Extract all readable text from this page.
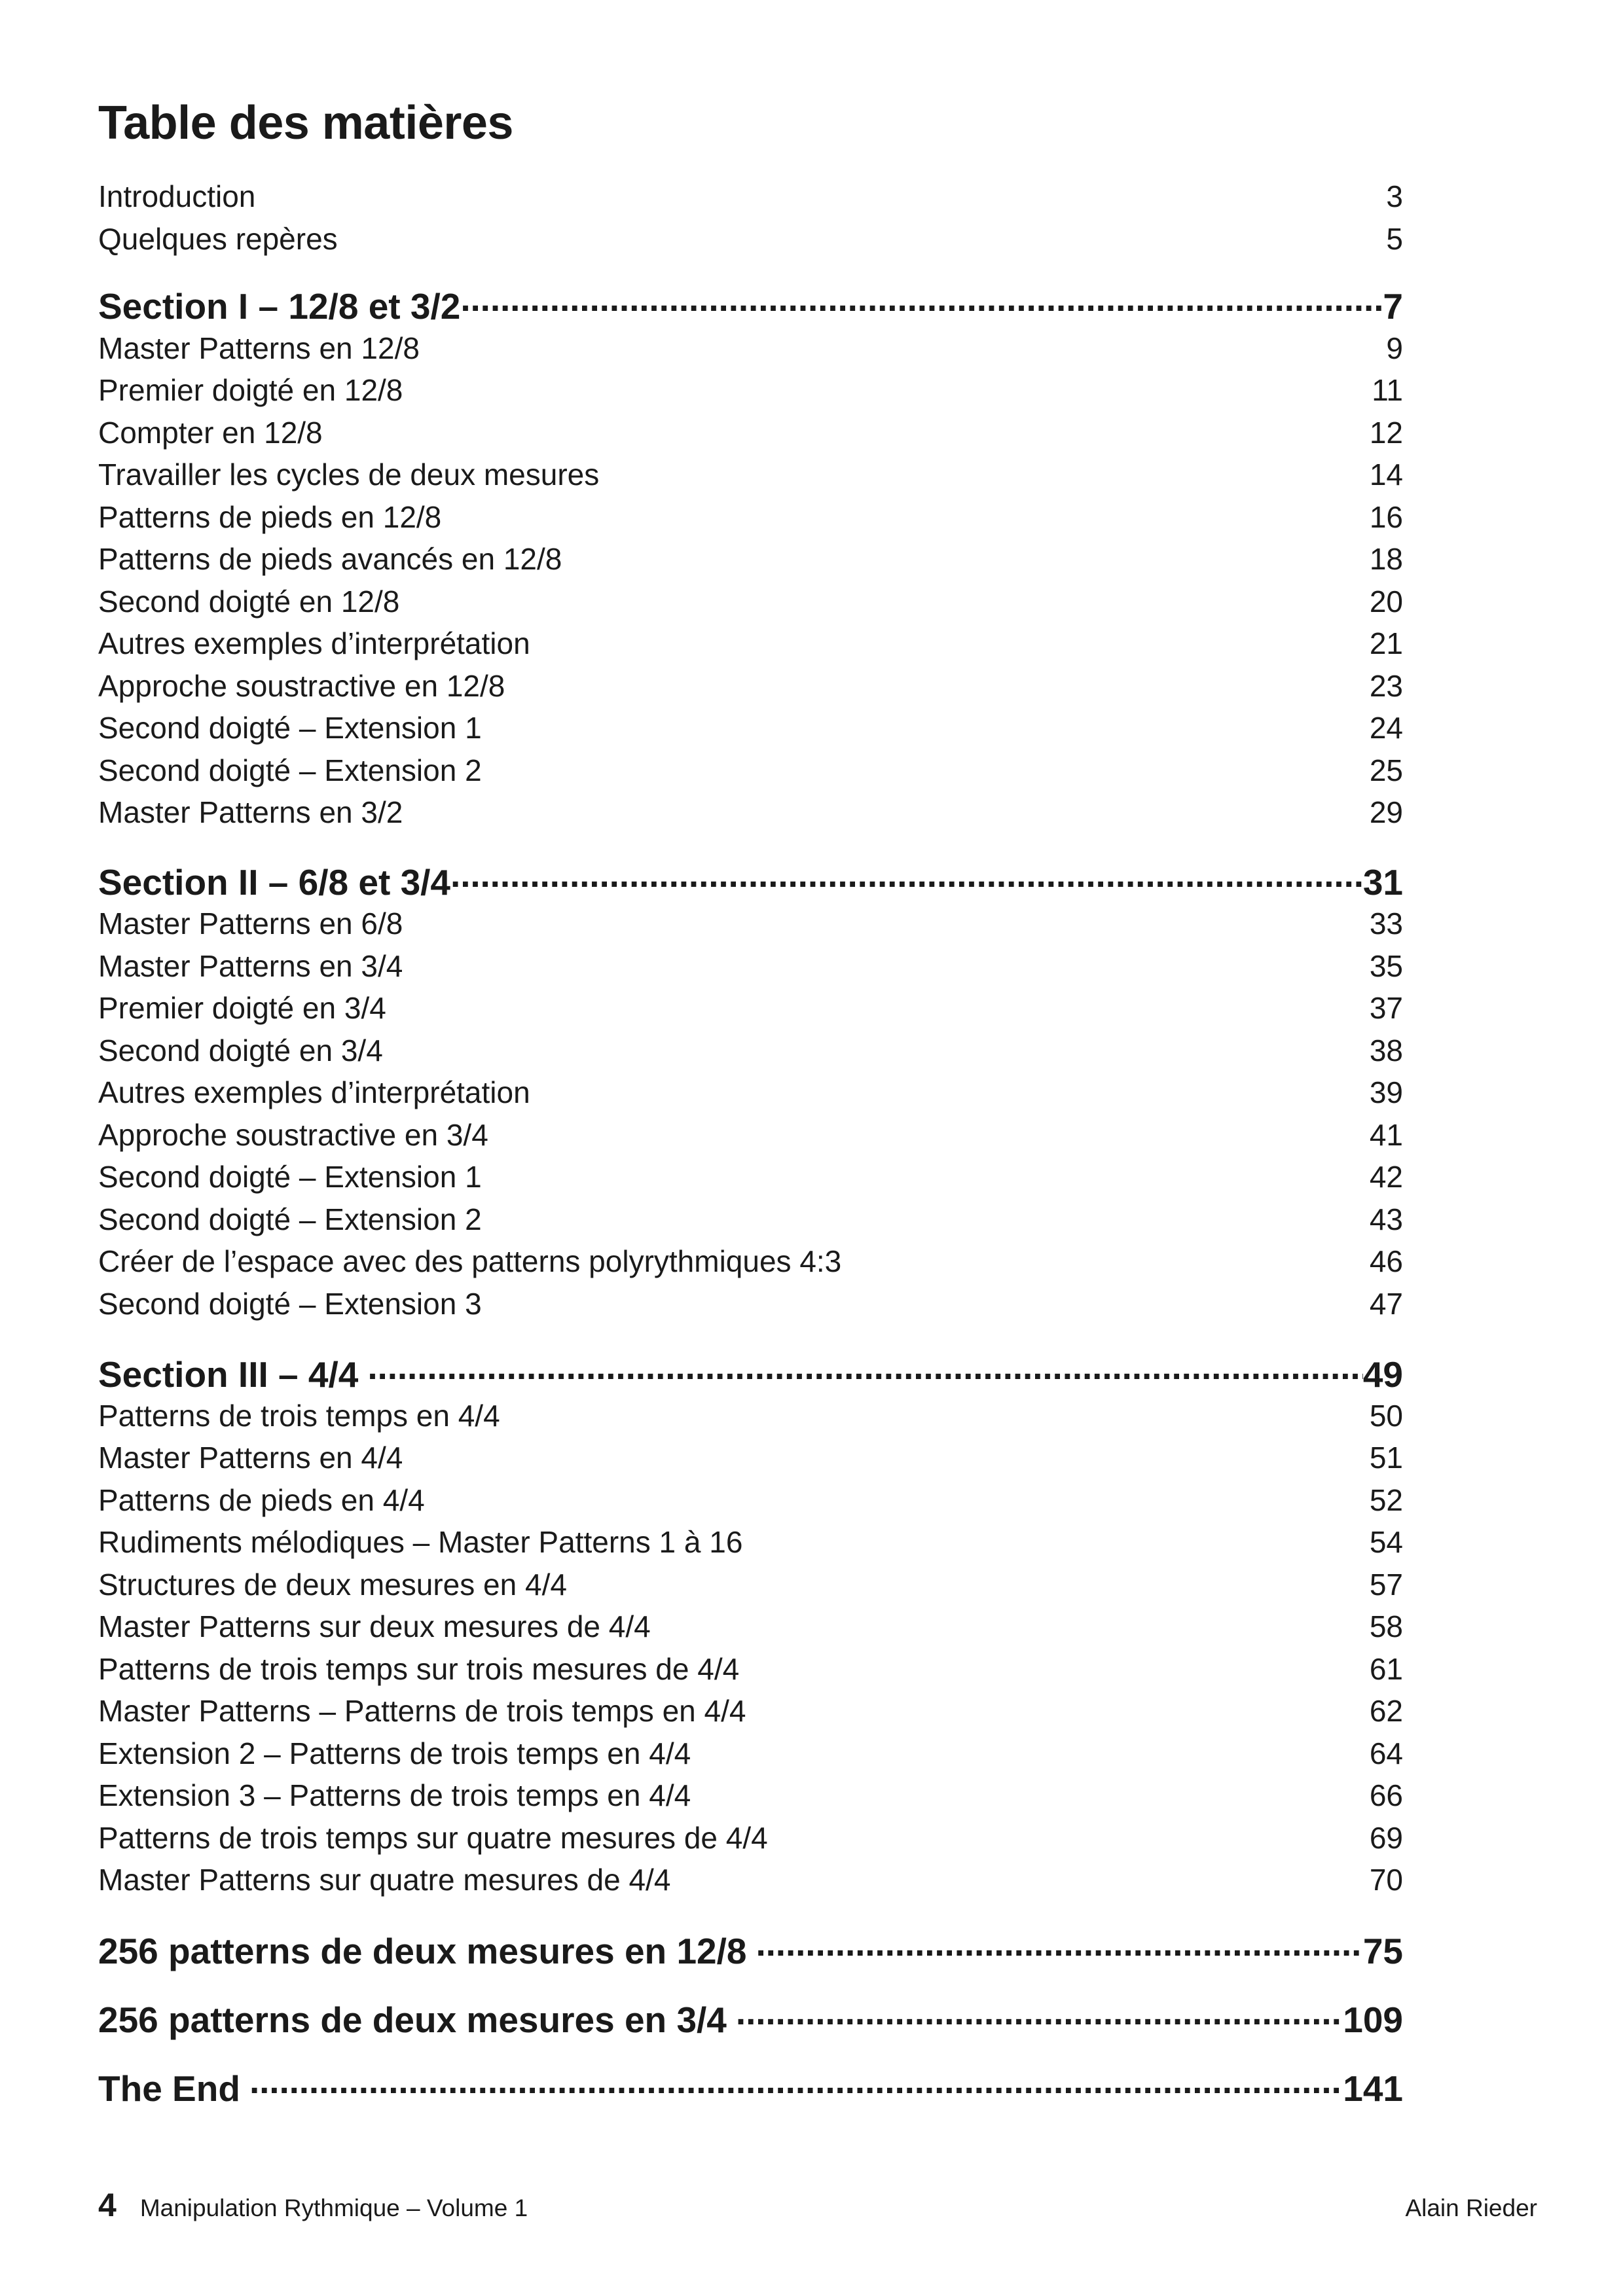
Table des matières
Introduction	3
Quelques repères	5
Section I – 12/8 et 3/2 . . .	7
Master Patterns en 12/8	9
Premier doigté en 12/8	11
Compter en 12/8	12
Travailler les cycles de deux mesures	14
Patterns de pieds en 12/8	16
Patterns de pieds avancés en 12/8	18
Second doigté en 12/8	20
Autres exemples d’interprétation	21
Approche soustractive en 12/8	23
Second doigté – Extension 1	24
Second doigté – Extension 2	25
Master Patterns en 3/2	29
Section II – 6/8 et 3/4 . . .	31
Master Patterns en 6/8	33
Master Patterns en 3/4	35
Premier doigté en 3/4	37
Second doigté en 3/4	38
Autres exemples d’interprétation	39
Approche soustractive en 3/4	41
Second doigté – Extension 1	42
Second doigté – Extension 2	43
Créer de l’espace avec des patterns polyrythmiques 4:3	46
Second doigté – Extension 3	47
Section III – 4/4 . . .	49
Patterns de trois temps en 4/4	50
Master Patterns en 4/4	51
Patterns de pieds en 4/4	52
Rudiments mélodiques – Master Patterns 1 à 16	54
Structures de deux mesures en 4/4	57
Master Patterns sur deux mesures de 4/4	58
Patterns de trois temps sur trois mesures de 4/4	61
Master Patterns – Patterns de trois temps en 4/4	62
Extension 2 – Patterns de trois temps en 4/4	64
Extension 3 – Patterns de trois temps en 4/4	66
Patterns de trois temps sur quatre mesures de 4/4	69
Master Patterns sur quatre mesures de 4/4	70
256 patterns de deux mesures en 12/8 . . .	75
256 patterns de deux mesures en 3/4 . . .	109
The End . . .	141
4 Manipulation Rythmique – Volume 1	Alain Rieder
